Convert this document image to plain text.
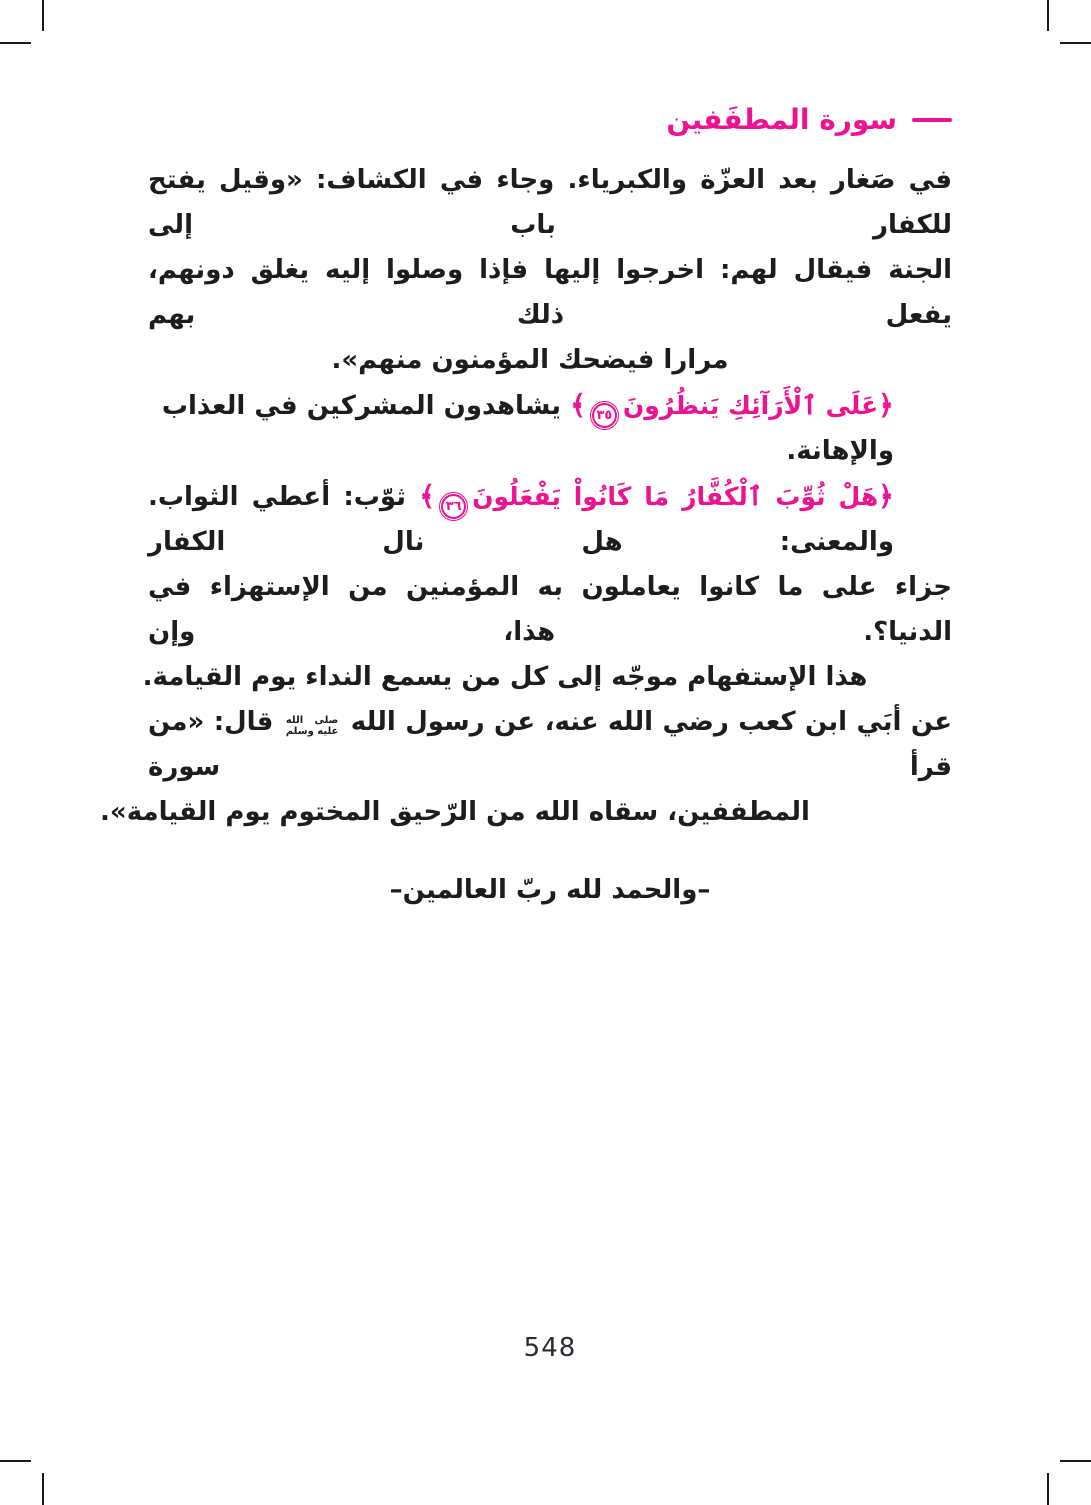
سورة المطفَفين
في صَغار بعد العزّة والكبرياء. وجاء في الكشاف: «وقيل يفتح للكفار باب إلى
الجنة فيقال لهم: اخرجوا إليها فإذا وصلوا إليه يغلق دونهم، يفعل ذلك بهم
مرارا فيضحك المؤمنون منهم».
﴿عَلَى ٱلْأَرَآئِكِ يَنظُرُونَ٣٥﴾ يشاهدون المشركين في العذاب والإهانة.
﴿هَلْ ثُوِّبَ ٱلْكُفَّارُ مَا كَانُواْ يَفْعَلُونَ٣٦﴾ ثوّب: أعطي الثواب. والمعنى: هل نال الكفار
جزاء على ما كانوا يعاملون به المؤمنين من الإستهزاء في الدنيا؟. هذا، وإن
هذا الإستفهام موجّه إلى كل من يسمع النداء يوم القيامة.
عن أبَي ابن كعب رضي الله عنه، عن رسول الله
صلى الله
عليه وسلم
قال: «من قرأ سورة
المطففين، سقاه الله من الرّحيق المختوم يوم القيامة».
–والحمد لله ربّ العالمين–
548
